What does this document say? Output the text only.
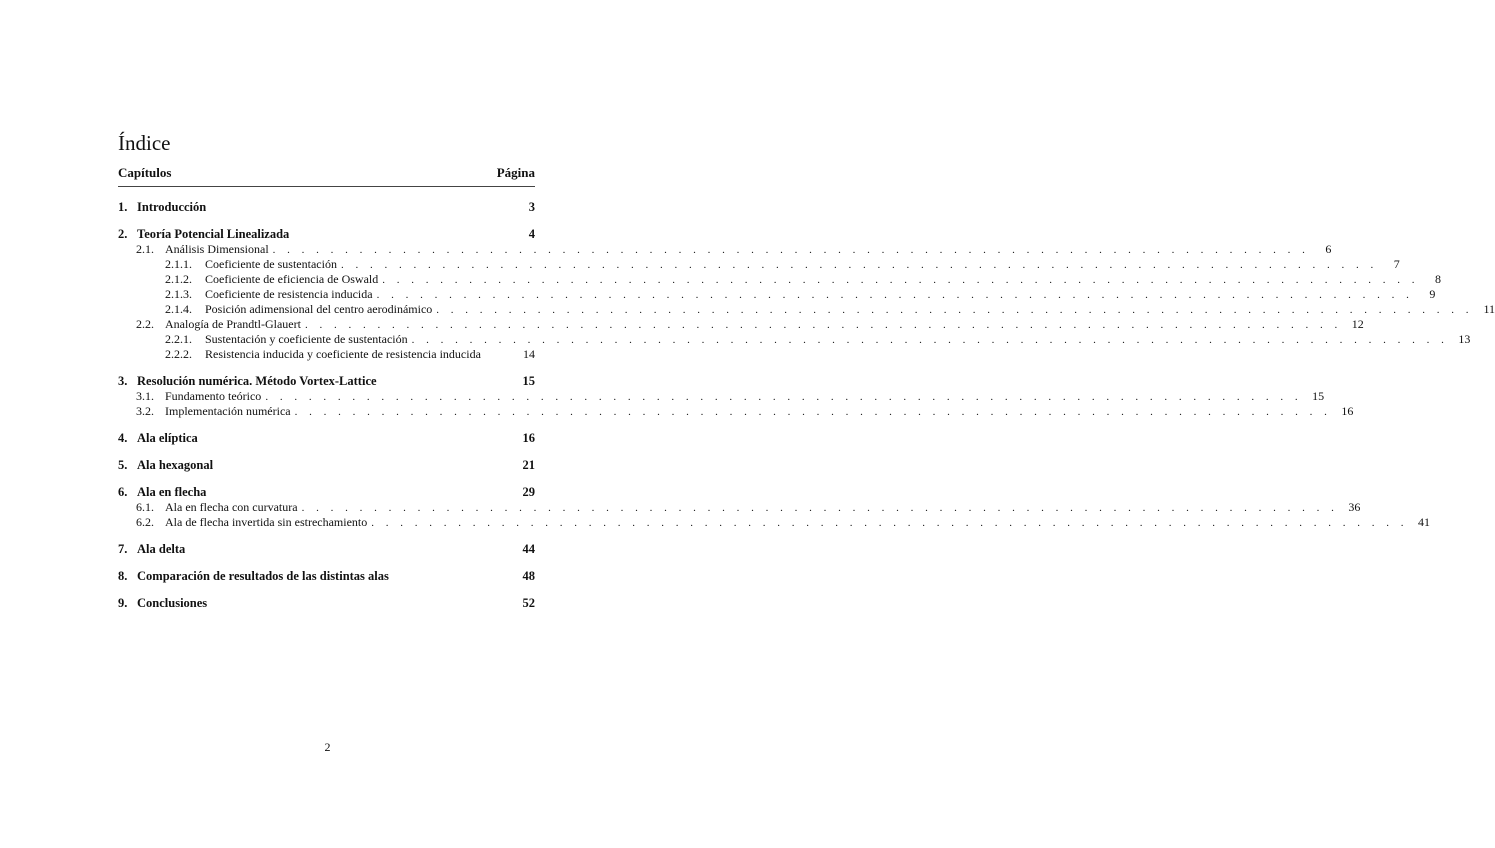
Índice
Capítulos	Página
1. Introducción	3
2. Teoría Potencial Linealizada	4
2.1. Análisis Dimensional . . .	6
2.1.1.	Coeficiente de sustentación . . .	7
2.1.2.	Coeficiente de eficiencia de Oswald . . .	8
2.1.3.	Coeficiente de resistencia inducida . . .	9
2.1.4.	Posición adimensional del centro aerodinámico . . .	11
2.2. Analogía de Prandtl-Glauert . . .	12
2.2.1.	Sustentación y coeficiente de sustentación . . .	13
2.2.2.	Resistencia inducida y coeficiente de resistencia inducida	14
3. Resolución numérica. Método Vortex-Lattice	15
3.1. Fundamento teórico . . .	15
3.2. Implementación numérica . . .	16
4. Ala elíptica	16
5. Ala hexagonal	21
6. Ala en flecha	29
6.1. Ala en flecha con curvatura . . .	36
6.2. Ala de flecha invertida sin estrechamiento . . .	41
7. Ala delta	44
8. Comparación de resultados de las distintas alas	48
9. Conclusiones	52
2
